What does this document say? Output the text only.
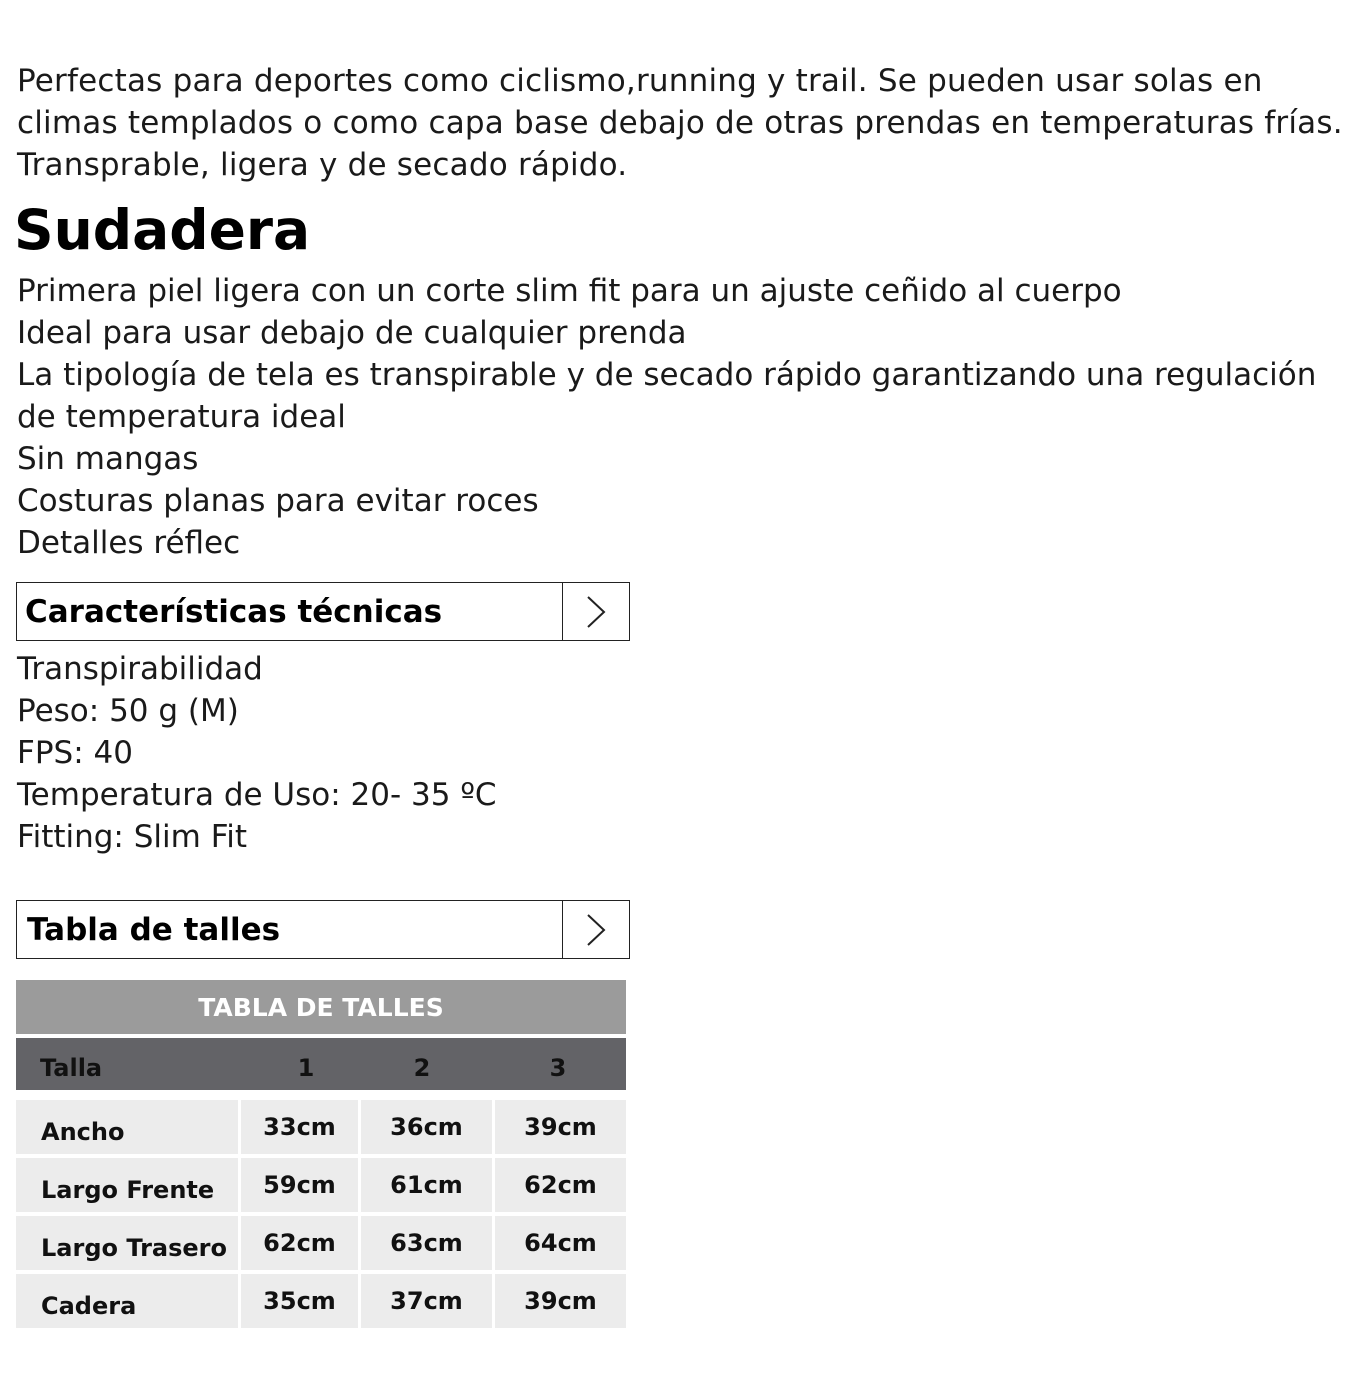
Perfectas para deportes como ciclismo,running y trail. Se pueden usar solas en

climas templados o como capa base debajo de otras prendas en temperaturas frías.

Transprable, ligera y de secado rápido.

Sudadera

Primera piel ligera con un corte slim fit para un ajuste ceñido al cuerpo

Ideal para usar debajo de cualquier prenda

La tipología de tela es transpirable y de secado rápido garantizando una regulación

de temperatura ideal

Sin mangas

Costuras planas para evitar roces

Detalles réflec

Características técnicas

Transpirabilidad

Peso: 50 g (M)

FPS: 40

Temperatura de Uso: 20- 35 ºC

Fitting: Slim Fit

Tabla de talles
TABLA DE TALLES
Talla	1	2	3
Ancho	33cm	36cm	39cm
Largo Frente	59cm	61cm	62cm
Largo Trasero	62cm	63cm	64cm
Cadera	35cm	37cm	39cm
